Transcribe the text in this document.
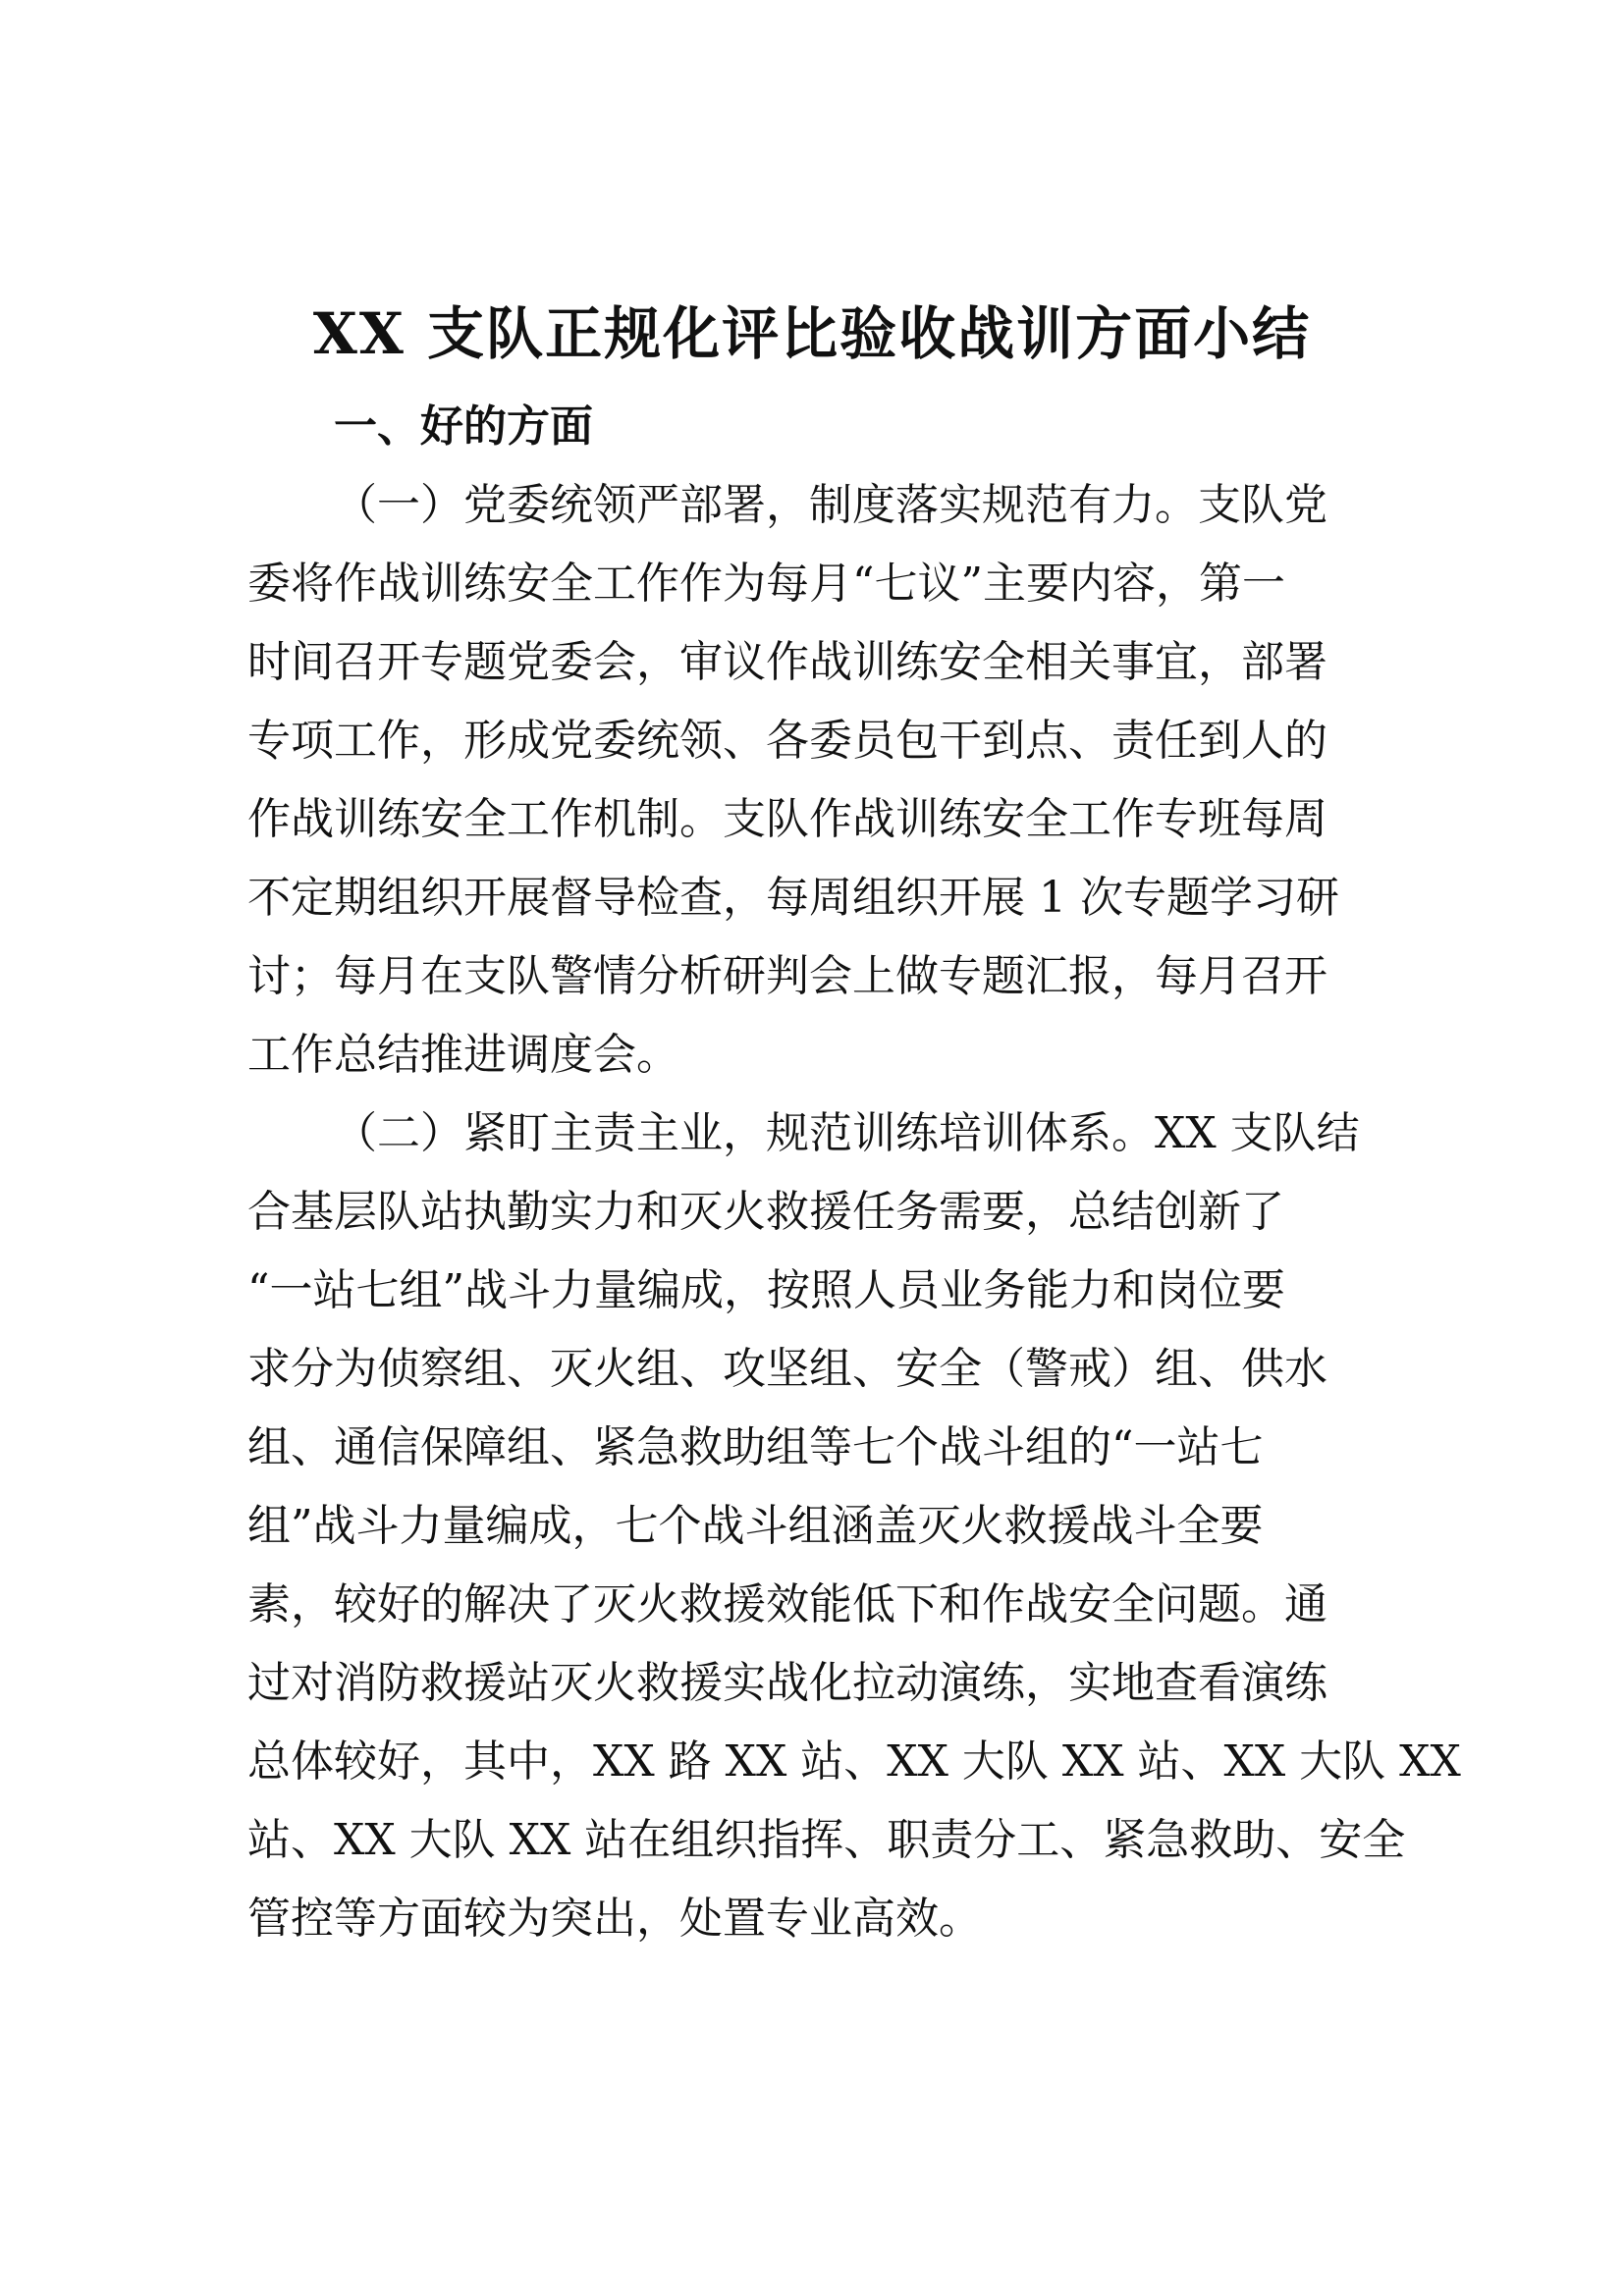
XX 支队正规化评比验收战训方面小结
一、好的方面

（一）党委统领严部署，制度落实规范有力。支队党

委将作战训练安全工作作为每月“七议”主要内容，第一

时间召开专题党委会，审议作战训练安全相关事宜，部署

专项工作，形成党委统领、各委员包干到点、责任到人的

作战训练安全工作机制。支队作战训练安全工作专班每周

不定期组织开展督导检查，每周组织开展 1 次专题学习研

讨；每月在支队警情分析研判会上做专题汇报，每月召开

工作总结推进调度会。

（二）紧盯主责主业，规范训练培训体系。XX 支队结

合基层队站执勤实力和灭火救援任务需要，总结创新了

“一站七组”战斗力量编成，按照人员业务能力和岗位要

求分为侦察组、灭火组、攻坚组、安全（警戒）组、供水

组、通信保障组、紧急救助组等七个战斗组的“一站七

组”战斗力量编成，七个战斗组涵盖灭火救援战斗全要

素，较好的解决了灭火救援效能低下和作战安全问题。通

过对消防救援站灭火救援实战化拉动演练，实地查看演练

总体较好，其中，XX 路 XX 站、XX 大队 XX 站、XX 大队 XX

站、XX 大队 XX 站在组织指挥、职责分工、紧急救助、安全

管控等方面较为突出，处置专业高效。
